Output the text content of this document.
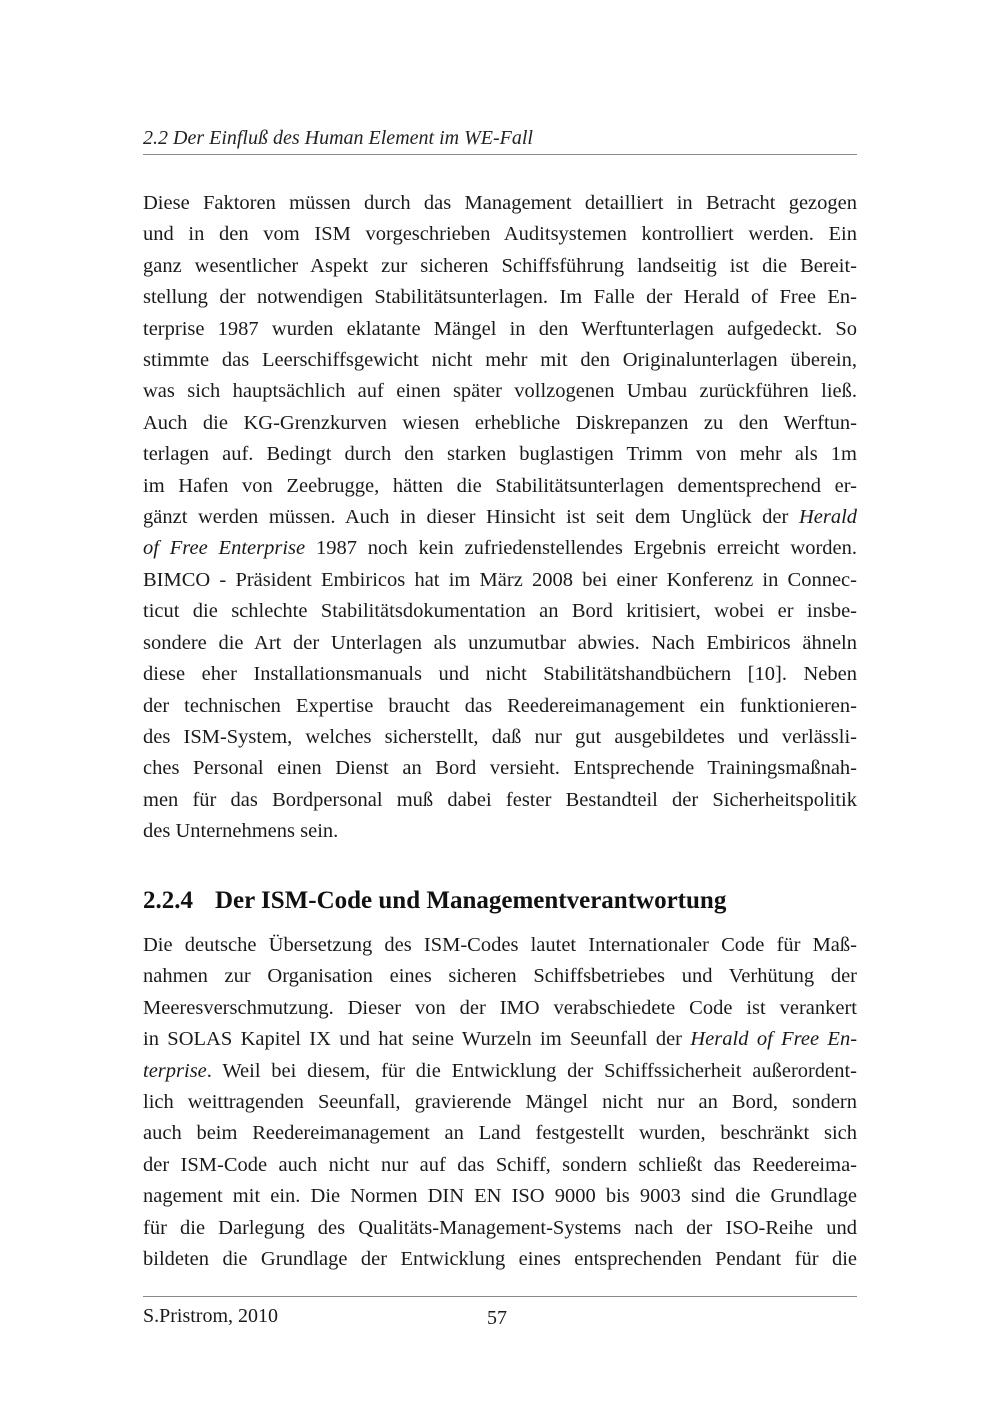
2.2 Der Einfluß des Human Element im WE-Fall
Diese Faktoren müssen durch das Management detailliert in Betracht gezogen
und in den vom ISM vorgeschrieben Auditsystemen kontrolliert werden. Ein
ganz wesentlicher Aspekt zur sicheren Schiffsführung landseitig ist die Bereit-
stellung der notwendigen Stabilitätsunterlagen. Im Falle der Herald of Free En-
terprise 1987 wurden eklatante Mängel in den Werftunterlagen aufgedeckt. So
stimmte das Leerschiffsgewicht nicht mehr mit den Originalunterlagen überein,
was sich hauptsächlich auf einen später vollzogenen Umbau zurückführen ließ.
Auch die KG-Grenzkurven wiesen erhebliche Diskrepanzen zu den Werftun-
terlagen auf. Bedingt durch den starken buglastigen Trimm von mehr als 1m
im Hafen von Zeebrugge, hätten die Stabilitätsunterlagen dementsprechend er-
gänzt werden müssen. Auch in dieser Hinsicht ist seit dem Unglück der Herald
of Free Enterprise 1987 noch kein zufriedenstellendes Ergebnis erreicht worden.
BIMCO - Präsident Embiricos hat im März 2008 bei einer Konferenz in Connec-
ticut die schlechte Stabilitätsdokumentation an Bord kritisiert, wobei er insbe-
sondere die Art der Unterlagen als unzumutbar abwies. Nach Embiricos ähneln
diese eher Installationsmanuals und nicht Stabilitätshandbüchern [10]. Neben
der technischen Expertise braucht das Reedereimanagement ein funktionieren-
des ISM-System, welches sicherstellt, daß nur gut ausgebildetes und verlässli-
ches Personal einen Dienst an Bord versieht. Entsprechende Trainingsmaßnah-
men für das Bordpersonal muß dabei fester Bestandteil der Sicherheitspolitik
des Unternehmens sein.
2.2.4 Der ISM-Code und Managementverantwortung
Die deutsche Übersetzung des ISM-Codes lautet Internationaler Code für Maß-
nahmen zur Organisation eines sicheren Schiffsbetriebes und Verhütung der
Meeresverschmutzung. Dieser von der IMO verabschiedete Code ist verankert
in SOLAS Kapitel IX und hat seine Wurzeln im Seeunfall der Herald of Free En-
terprise. Weil bei diesem, für die Entwicklung der Schiffssicherheit außerordent-
lich weittragenden Seeunfall, gravierende Mängel nicht nur an Bord, sondern
auch beim Reedereimanagement an Land festgestellt wurden, beschränkt sich
der ISM-Code auch nicht nur auf das Schiff, sondern schließt das Reedereima-
nagement mit ein. Die Normen DIN EN ISO 9000 bis 9003 sind die Grundlage
für die Darlegung des Qualitäts-Management-Systems nach der ISO-Reihe und
bildeten die Grundlage der Entwicklung eines entsprechenden Pendant für die
S.Pristrom, 2010	57
